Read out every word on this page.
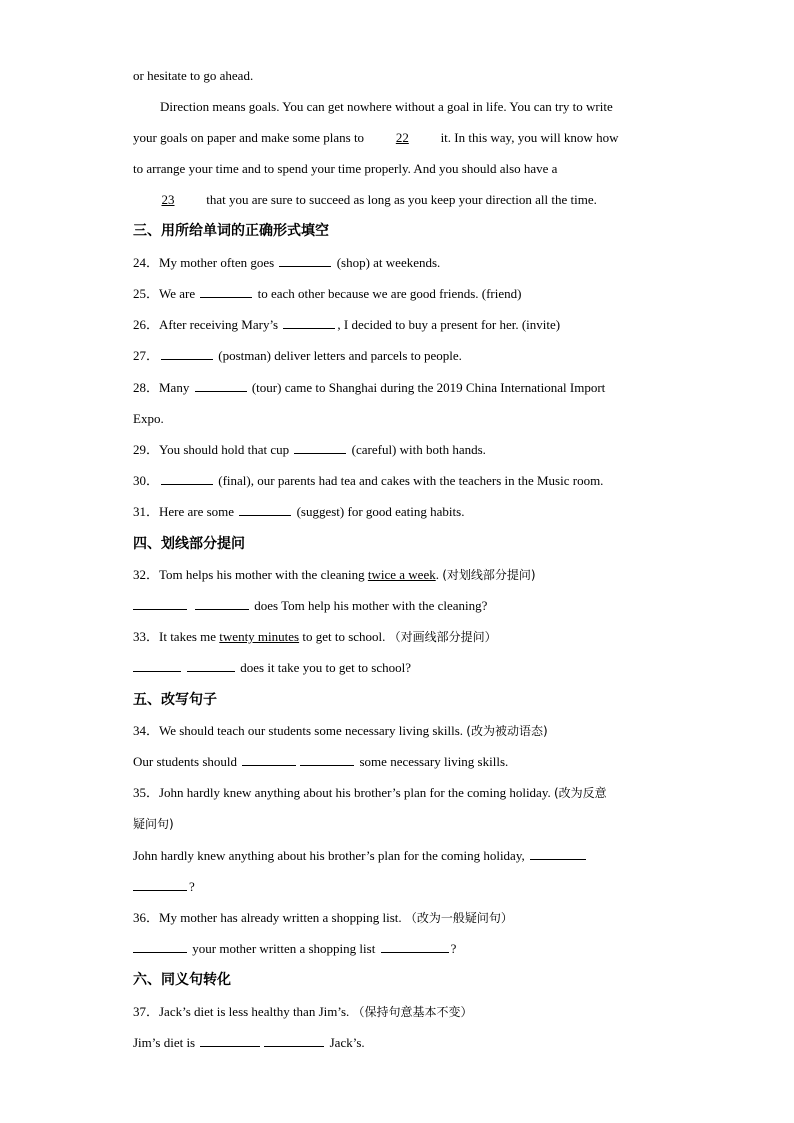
or hesitate to go ahead.
Direction means goals. You can get nowhere without a goal in life. You can try to write
your goals on paper and make some plans to 22 it. In this way, you will know how
to arrange your time and to spend your time properly. And you should also have a
23 that you are sure to succeed as long as you keep your direction all the time.
三、用所给单词的正确形式填空
24．My mother often goes	(shop) at weekends.
25．We are	to each other because we are good friends. (friend)
26．After receiving Mary’s	, I decided to buy a present for her. (invite)
27．	(postman) deliver letters and parcels to people.
28．Many	(tour) came to Shanghai during the 2019 China International Import
Expo.
29．You should hold that cup	(careful) with both hands.
30．	(final), our parents had tea and cakes with the teachers in the Music room.
31．Here are some	(suggest) for good eating habits.
四、划线部分提问
32．Tom helps his mother with the cleaning twice a week. (对划线部分提问)
does Tom help his mother with the cleaning?
33．It takes me twenty minutes to get to school. （对画线部分提问）
does it take you to get to school?
五、改写句子
34．We should teach our students some necessary living skills. (改为被动语态)
Our students should	some necessary living skills.
35．John hardly knew anything about his brother’s plan for the coming holiday. (改为反意
疑问句)
John hardly knew anything about his brother’s plan for the coming holiday,
?
36．My mother has already written a shopping list. （改为一般疑问句）
your mother written a shopping list	?
六、同义句转化
37．Jack’s diet is less healthy than Jim’s. （保持句意基本不变）
Jim’s diet is	Jack’s.
